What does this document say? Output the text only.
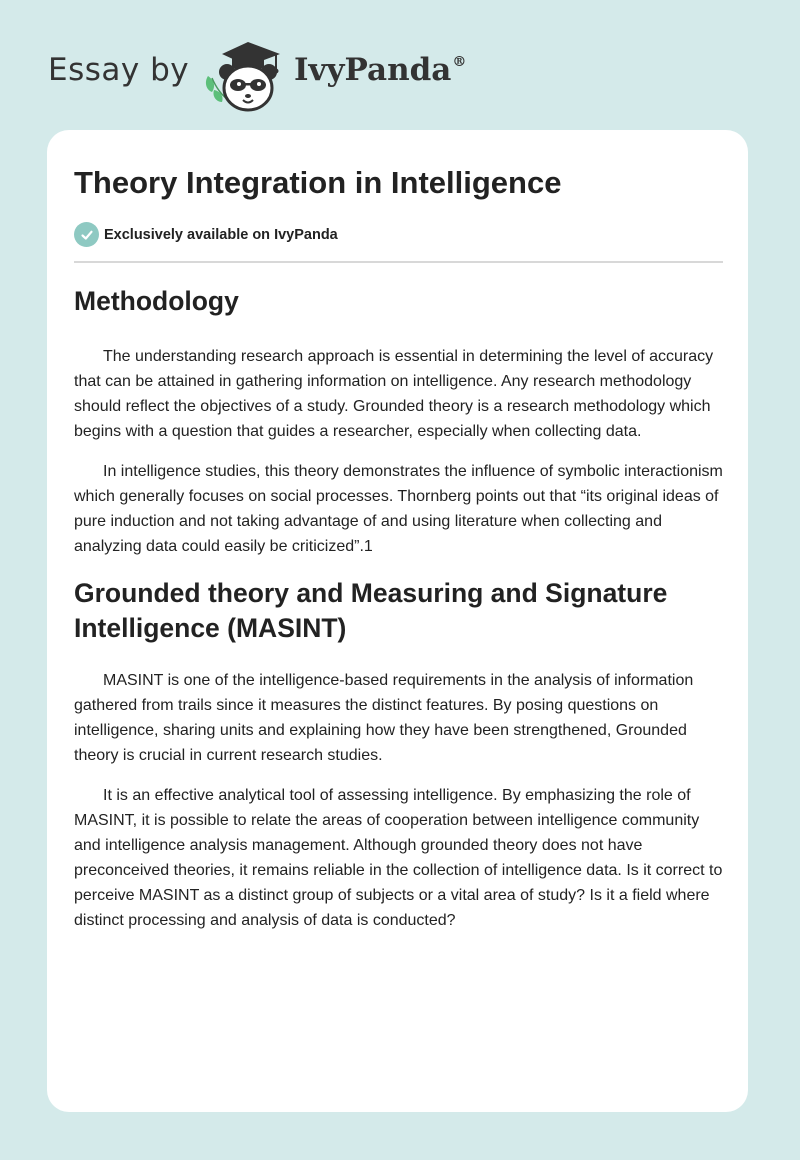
Essay by	IvyPanda®
Theory Integration in Intelligence
Exclusively available on IvyPanda
Methodology

The understanding research approach is essential in determining the level of accuracy that can be attained in gathering information on intelligence. Any research methodology should reflect the objectives of a study. Grounded theory is a research methodology which begins with a question that guides a researcher, especially when collecting data.

In intelligence studies, this theory demonstrates the influence of symbolic interactionism which generally focuses on social processes. Thornberg points out that “its original ideas of pure induction and not taking advantage of and using literature when collecting and analyzing data could easily be criticized”.1

Grounded theory and Measuring and Signature Intelligence (MASINT)

MASINT is one of the intelligence-based requirements in the analysis of information gathered from trails since it measures the distinct features. By posing questions on intelligence, sharing units and explaining how they have been strengthened, Grounded theory is crucial in current research studies.

It is an effective analytical tool of assessing intelligence. By emphasizing the role of MASINT, it is possible to relate the areas of cooperation between intelligence community and intelligence analysis management. Although grounded theory does not have preconceived theories, it remains reliable in the collection of intelligence data. Is it correct to perceive MASINT as a distinct group of subjects or a vital area of study? Is it a field where distinct processing and analysis of data is conducted?
